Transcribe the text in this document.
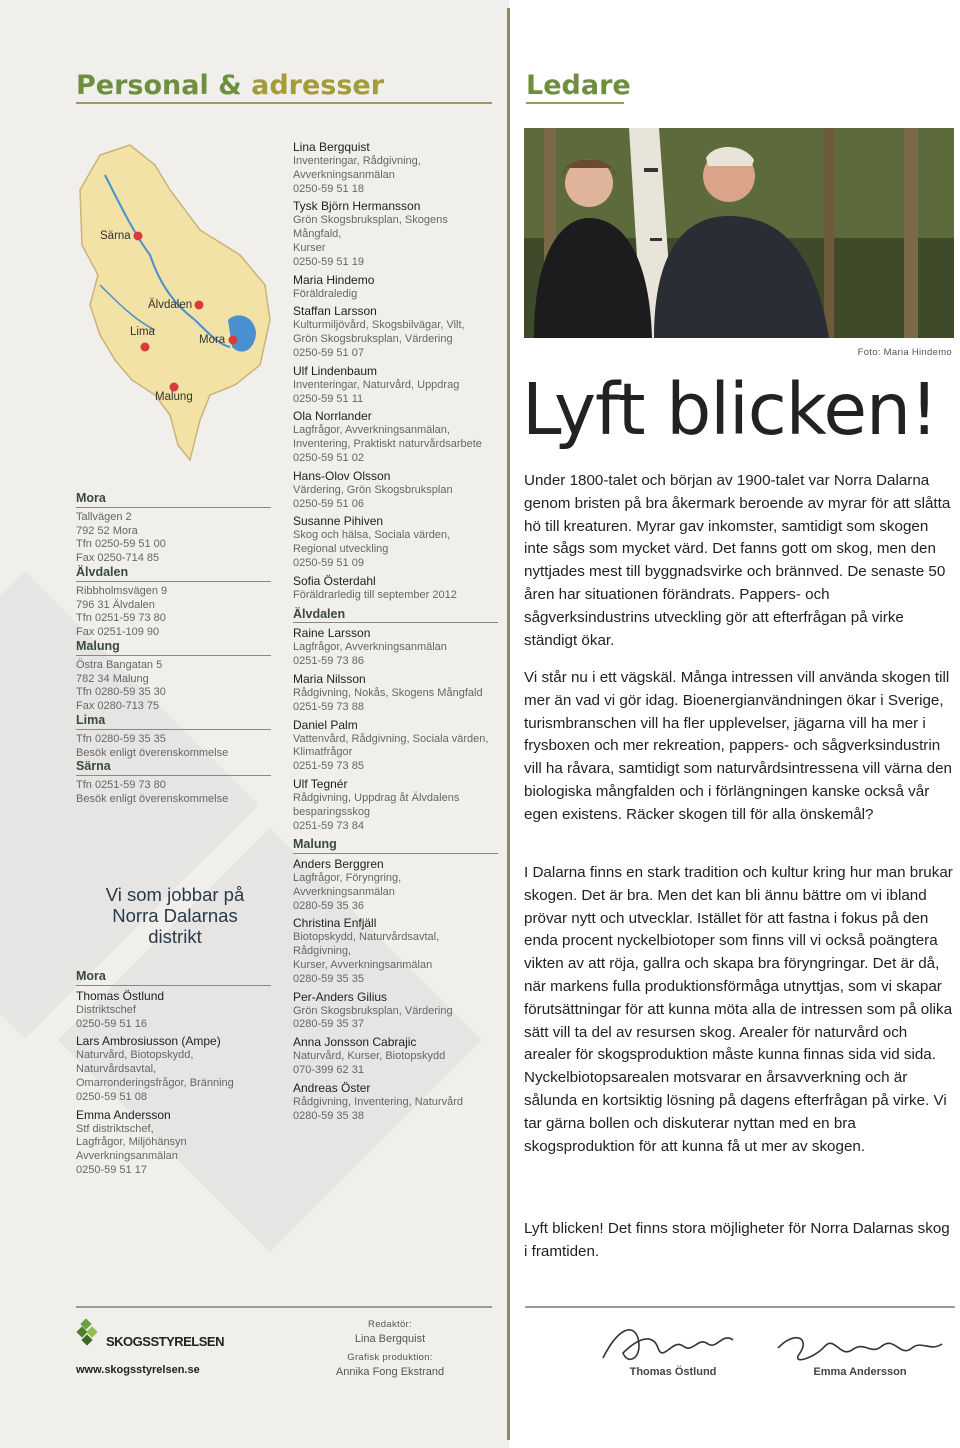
Personal & adresser	Ledare
Särna
Älvdalen
Lima
Mora
Malung
Mora
Tallvägen 2
792 52 Mora
Tfn 0250-59 51 00
Fax 0250-714 85
Älvdalen
Ribbholmsvägen 9
796 31 Älvdalen
Tfn 0251-59 73 80
Fax 0251-109 90
Malung
Östra Bangatan 5
782 34 Malung
Tfn 0280-59 35 30
Fax 0280-713 75
Lima
Tfn 0280-59 35 35
Besök enligt överenskommelse
Särna
Tfn 0251-59 73 80
Besök enligt överenskommelse
Vi som jobbar på
Norra Dalarnas
distrikt
Mora
Thomas Östlund
Distriktschef
0250-59 51 16
Lars Ambrosiusson (Ampe)
Naturvård, Biotopskydd, Naturvårdsavtal,
Omarronderingsfrågor, Bränning
0250-59 51 08
Emma Andersson
Stf distriktschef,
Lagfrågor, Miljöhänsyn
Avverkningsanmälan
0250-59 51 17
Lina Bergquist
Inventeringar, Rådgivning,
Avverkningsanmälan
0250-59 51 18
Tysk Björn Hermansson
Grön Skogsbruksplan, Skogens Mångfald,
Kurser
0250-59 51 19
Maria Hindemo
Föräldraledig
Staffan Larsson
Kulturmiljövård, Skogsbilvägar, Vilt,
Grön Skogsbruksplan, Värdering
0250-59 51 07
Ulf Lindenbaum
Inventeringar, Naturvård, Uppdrag
0250-59 51 11
Ola Norrlander
Lagfrågor, Avverkningsanmälan,
Inventering, Praktiskt naturvårdsarbete
0250-59 51 02
Hans-Olov Olsson
Värdering, Grön Skogsbruksplan
0250-59 51 06
Susanne Pihiven
Skog och hälsa, Sociala värden,
Regional utveckling
0250-59 51 09
Sofia Österdahl
Föräldrarledig till september 2012
Älvdalen
Raine Larsson
Lagfrågor, Avverkningsanmälan
0251-59 73 86
Maria Nilsson
Rådgivning, Nokås, Skogens Mångfald
0251-59 73 88
Daniel Palm
Vattenvård, Rådgivning, Sociala värden,
Klimatfrågor
0251-59 73 85
Ulf Tegnér
Rådgivning, Uppdrag åt Älvdalens
besparingsskog
0251-59 73 84
Malung
Anders Berggren
Lagfrågor, Föryngring, Avverkningsanmälan
0280-59 35 36
Christina Enfjäll
Biotopskydd, Naturvårdsavtal, Rådgivning,
Kurser, Avverkningsanmälan
0280-59 35 35
Per-Anders Gilius
Grön Skogsbruksplan, Värdering
0280-59 35 37
Anna Jonsson Cabrajic
Naturvård, Kurser, Biotopskydd
070-399 62 31
Andreas Öster
Rådgivning, Inventering, Naturvård
0280-59 35 38
Foto: Maria Hindemo
Lyft blicken!

Under 1800-talet och början av 1900-talet var Norra Dalarna genom bristen på bra åkermark beroende av myrar för att slåtta hö till kreaturen. Myrar gav inkomster, samtidigt som skogen inte sågs som mycket värd. Det fanns gott om skog, men den nyttjades mest till byggnadsvirke och brännved. De senaste 50 åren har situationen förändrats. Pappers- och sågverksindustrins utveckling gör att efterfrågan på virke ständigt ökar.

Vi står nu i ett vägskäl. Många intressen vill använda skogen till mer än vad vi gör idag. Bioenergianvändningen ökar i Sverige, turismbranschen vill ha fler upplevelser, jägarna vill ha mer i frysboxen och mer rekreation, pappers- och sågverksindustrin vill ha råvara, samtidigt som naturvårdsintressena vill värna den biologiska mångfalden och i förlängningen kanske också vår egen existens. Räcker skogen till för alla önskemål?

I Dalarna finns en stark tradition och kultur kring hur man brukar skogen. Det är bra. Men det kan bli ännu bättre om vi ibland prövar nytt och utvecklar. Istället för att fastna i fokus på den enda procent nyckelbiotoper som finns vill vi också poängtera vikten av att röja, gallra och skapa bra föryngringar. Det är då, när markens fulla produktionsförmåga utnyttjas, som vi skapar förutsättningar för att kunna möta alla de intressen som på olika sätt vill ta del av resursen skog. Arealer för naturvård och arealer för skogsproduktion måste kunna finnas sida vid sida. Nyckelbiotopsarealen motsvarar en årsavverkning och är sålunda en kortsiktig lösning på dagens efterfrågan på virke. Vi tar gärna bollen och diskuterar nyttan med en bra skogsproduktion för att kunna få ut mer av skogen.

Lyft blicken! Det finns stora möjligheter för Norra Dalarnas skog i framtiden.

SKOGSSTYRELSEN
www.skogsstyrelsen.se
Redaktör:
Lina Bergquist
Grafisk produktion:
Annika Fong Ekstrand	Thomas Östlund	Emma Andersson
